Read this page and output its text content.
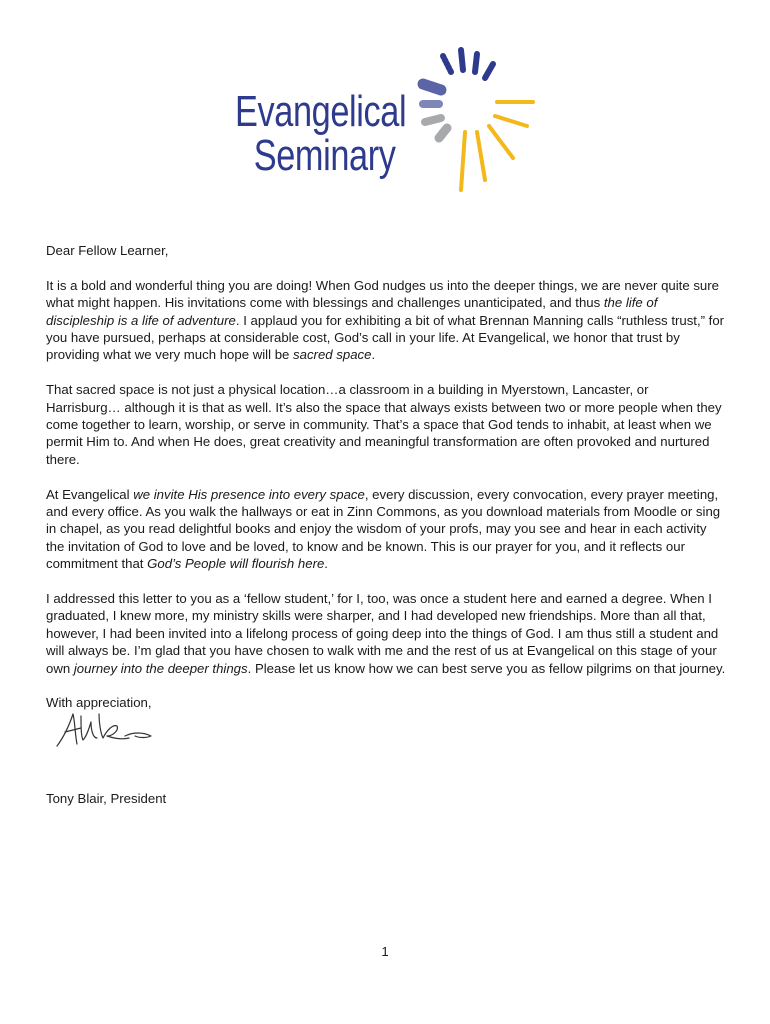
Evangelical
Seminary

Dear Fellow Learner,

It is a bold and wonderful thing you are doing! When God nudges us into the deeper things, we are never quite sure what might happen. His invitations come with blessings and challenges unanticipated, and thus the life of discipleship is a life of adventure. I applaud you for exhibiting a bit of what Brennan Manning calls “ruthless trust,” for you have pursued, perhaps at considerable cost, God’s call in your life. At Evangelical, we honor that trust by providing what we very much hope will be sacred space.

That sacred space is not just a physical location…a classroom in a building in Myerstown, Lancaster, or Harrisburg… although it is that as well. It’s also the space that always exists between two or more people when they come together to learn, worship, or serve in community. That’s a space that God tends to inhabit, at least when we permit Him to. And when He does, great creativity and meaningful transformation are often provoked and nurtured there.

At Evangelical we invite His presence into every space, every discussion, every convocation, every prayer meeting, and every office. As you walk the hallways or eat in Zinn Commons, as you download materials from Moodle or sing in chapel, as you read delightful books and enjoy the wisdom of your profs, may you see and hear in each activity the invitation of God to love and be loved, to know and be known. This is our prayer for you, and it reflects our commitment that God’s People will flourish here.

I addressed this letter to you as a ‘fellow student,’ for I, too, was once a student here and earned a degree. When I graduated, I knew more, my ministry skills were sharper, and I had developed new friendships. More than all that, however, I had been invited into a lifelong process of going deep into the things of God. I am thus still a student and will always be. I’m glad that you have chosen to walk with me and the rest of us at Evangelical on this stage of your own journey into the deeper things. Please let us know how we can best serve you as fellow pilgrims on that journey.

With appreciation,

Tony Blair, President
1
